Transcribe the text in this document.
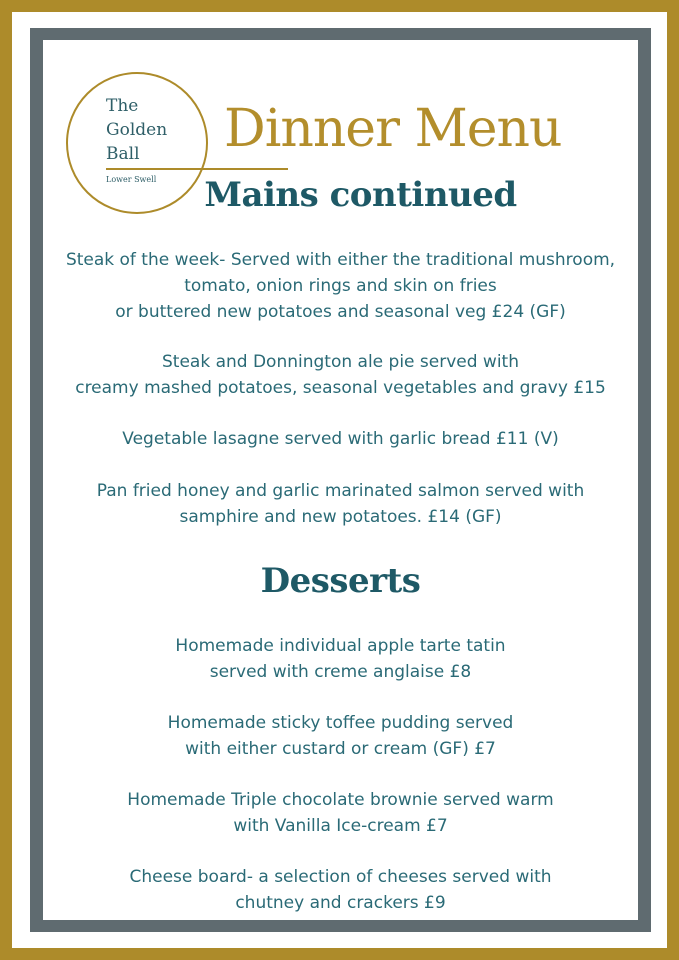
The
Golden
Ball
Lower Swell
Dinner Menu
Mains continued
Steak of the week- Served with either the traditional mushroom,
tomato, onion rings and skin on fries
or buttered new potatoes and seasonal veg £24 (GF)
Steak and Donnington ale pie served with
creamy mashed potatoes, seasonal vegetables and gravy £15
Vegetable lasagne served with garlic bread £11 (V)
Pan fried honey and garlic marinated salmon served with
samphire and new potatoes. £14 (GF)
Desserts
Homemade individual apple tarte tatin
served with creme anglaise £8
Homemade sticky toffee pudding served
with either custard or cream (GF) £7
Homemade Triple chocolate brownie served warm
with Vanilla Ice-cream £7
Cheese board- a selection of cheeses served with
chutney and crackers £9
